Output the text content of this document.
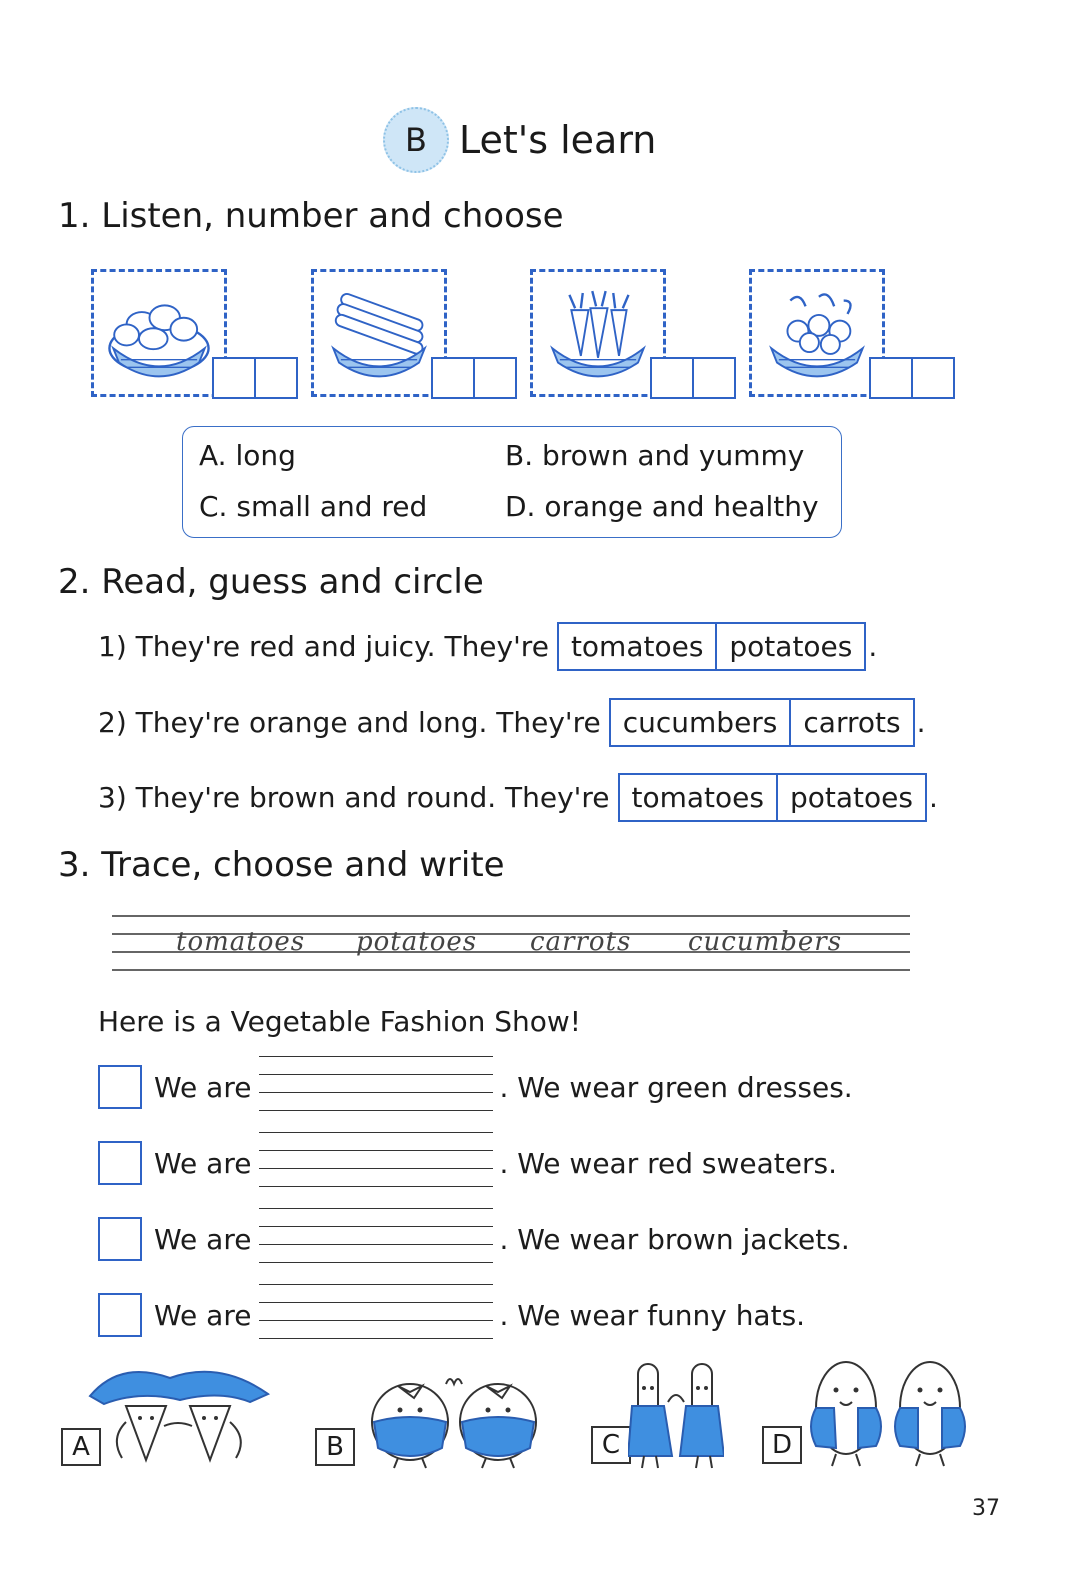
B Let's learn
1. Listen, number and choose
A. long	B. brown and yummy
C. small and red	D. orange and healthy
2. Read, guess and circle
1) They're red and juicy. They're tomatoes potatoes .
2) They're orange and long. They're cucumbers carrots .
3) They're brown and round. They're tomatoes potatoes .
3. Trace, choose and write
tomatoes potatoes carrots cucumbers
Here is a Vegetable Fashion Show!
We are	. We wear green dresses.
We are	. We wear red sweaters.
We are	. We wear brown jackets.
We are	. We wear funny hats.
A	B	C	D
37
